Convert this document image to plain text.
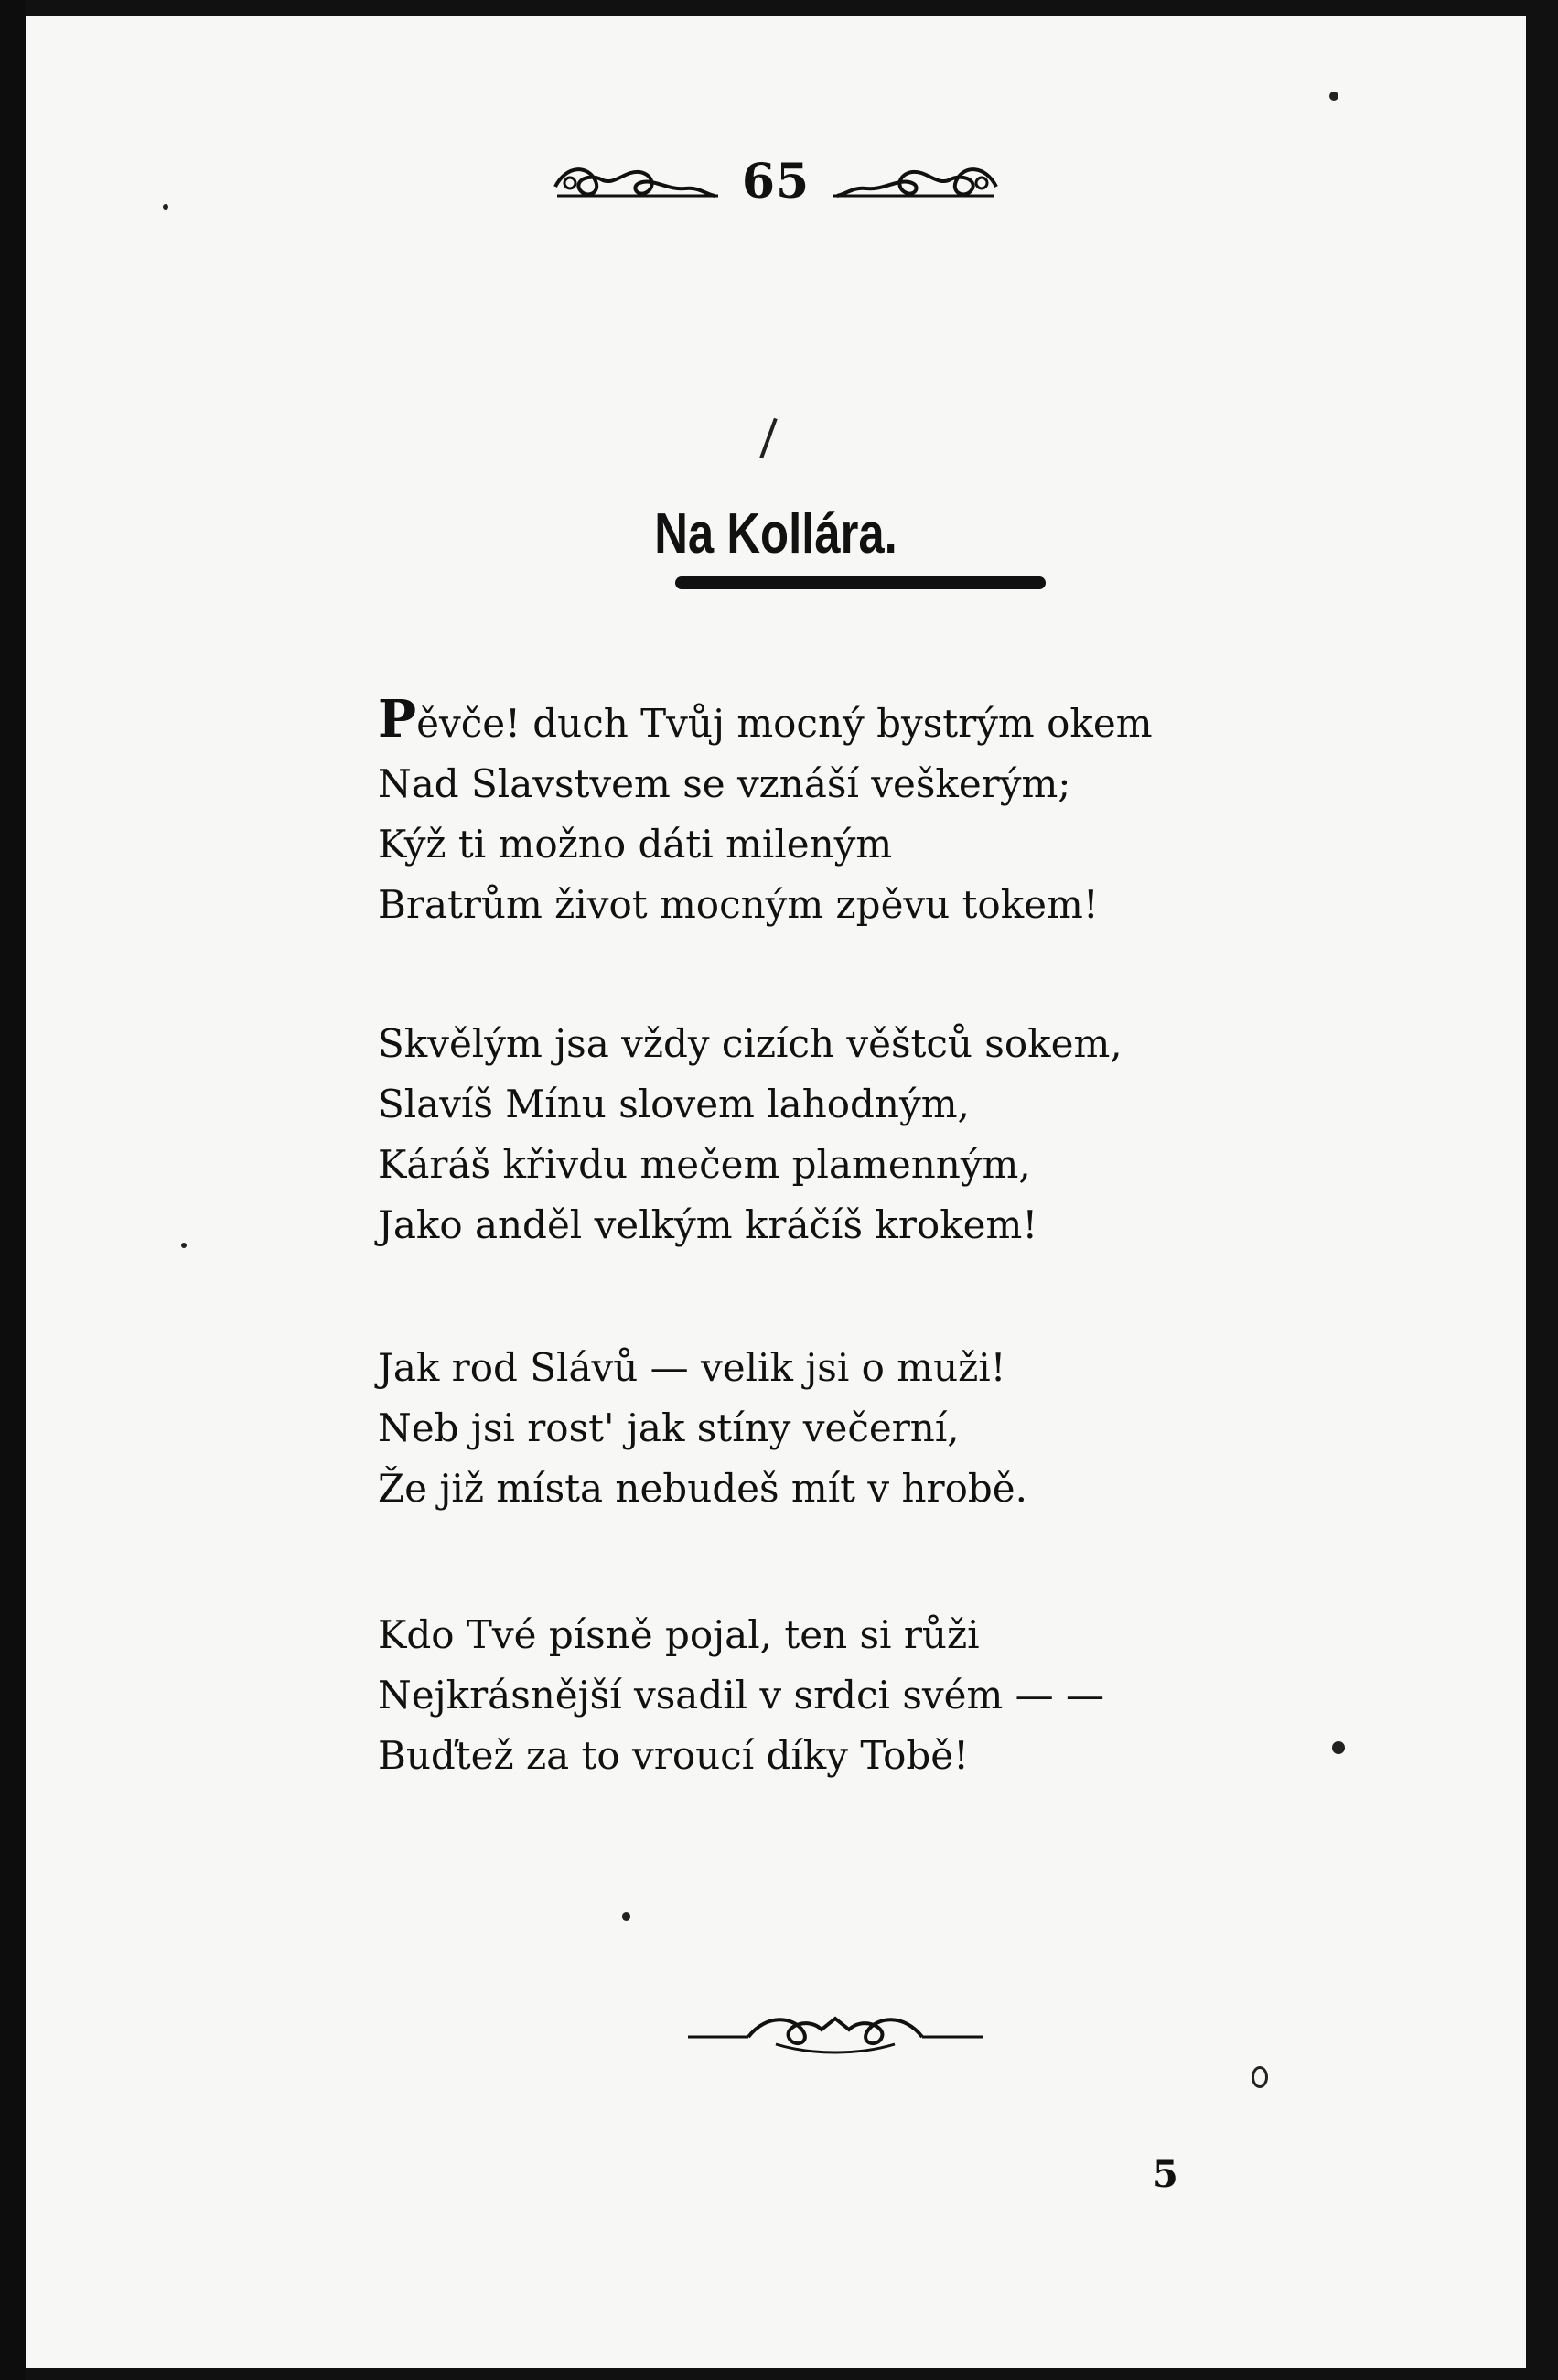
65
Na Kollára.

Pěvče! duch Tvůj mocný bystrým okem
Nad Slavstvem se vznáší veškerým;
Kýž ti možno dáti mileným
Bratrům život mocným zpěvu tokem!

Skvělým jsa vždy cizích věštců sokem,
Slavíš Mínu slovem lahodným,
Káráš křivdu mečem plamenným,
Jako anděl velkým kráčíš krokem!

Jak rod Slávů — velik jsi o muži!
Neb jsi rost' jak stíny večerní,
Že již místa nebudeš mít v hrobě.

Kdo Tvé písně pojal, ten si růži
Nejkrásnější vsadil v srdci svém — —
Buďtež za to vroucí díky Tobě!

5
